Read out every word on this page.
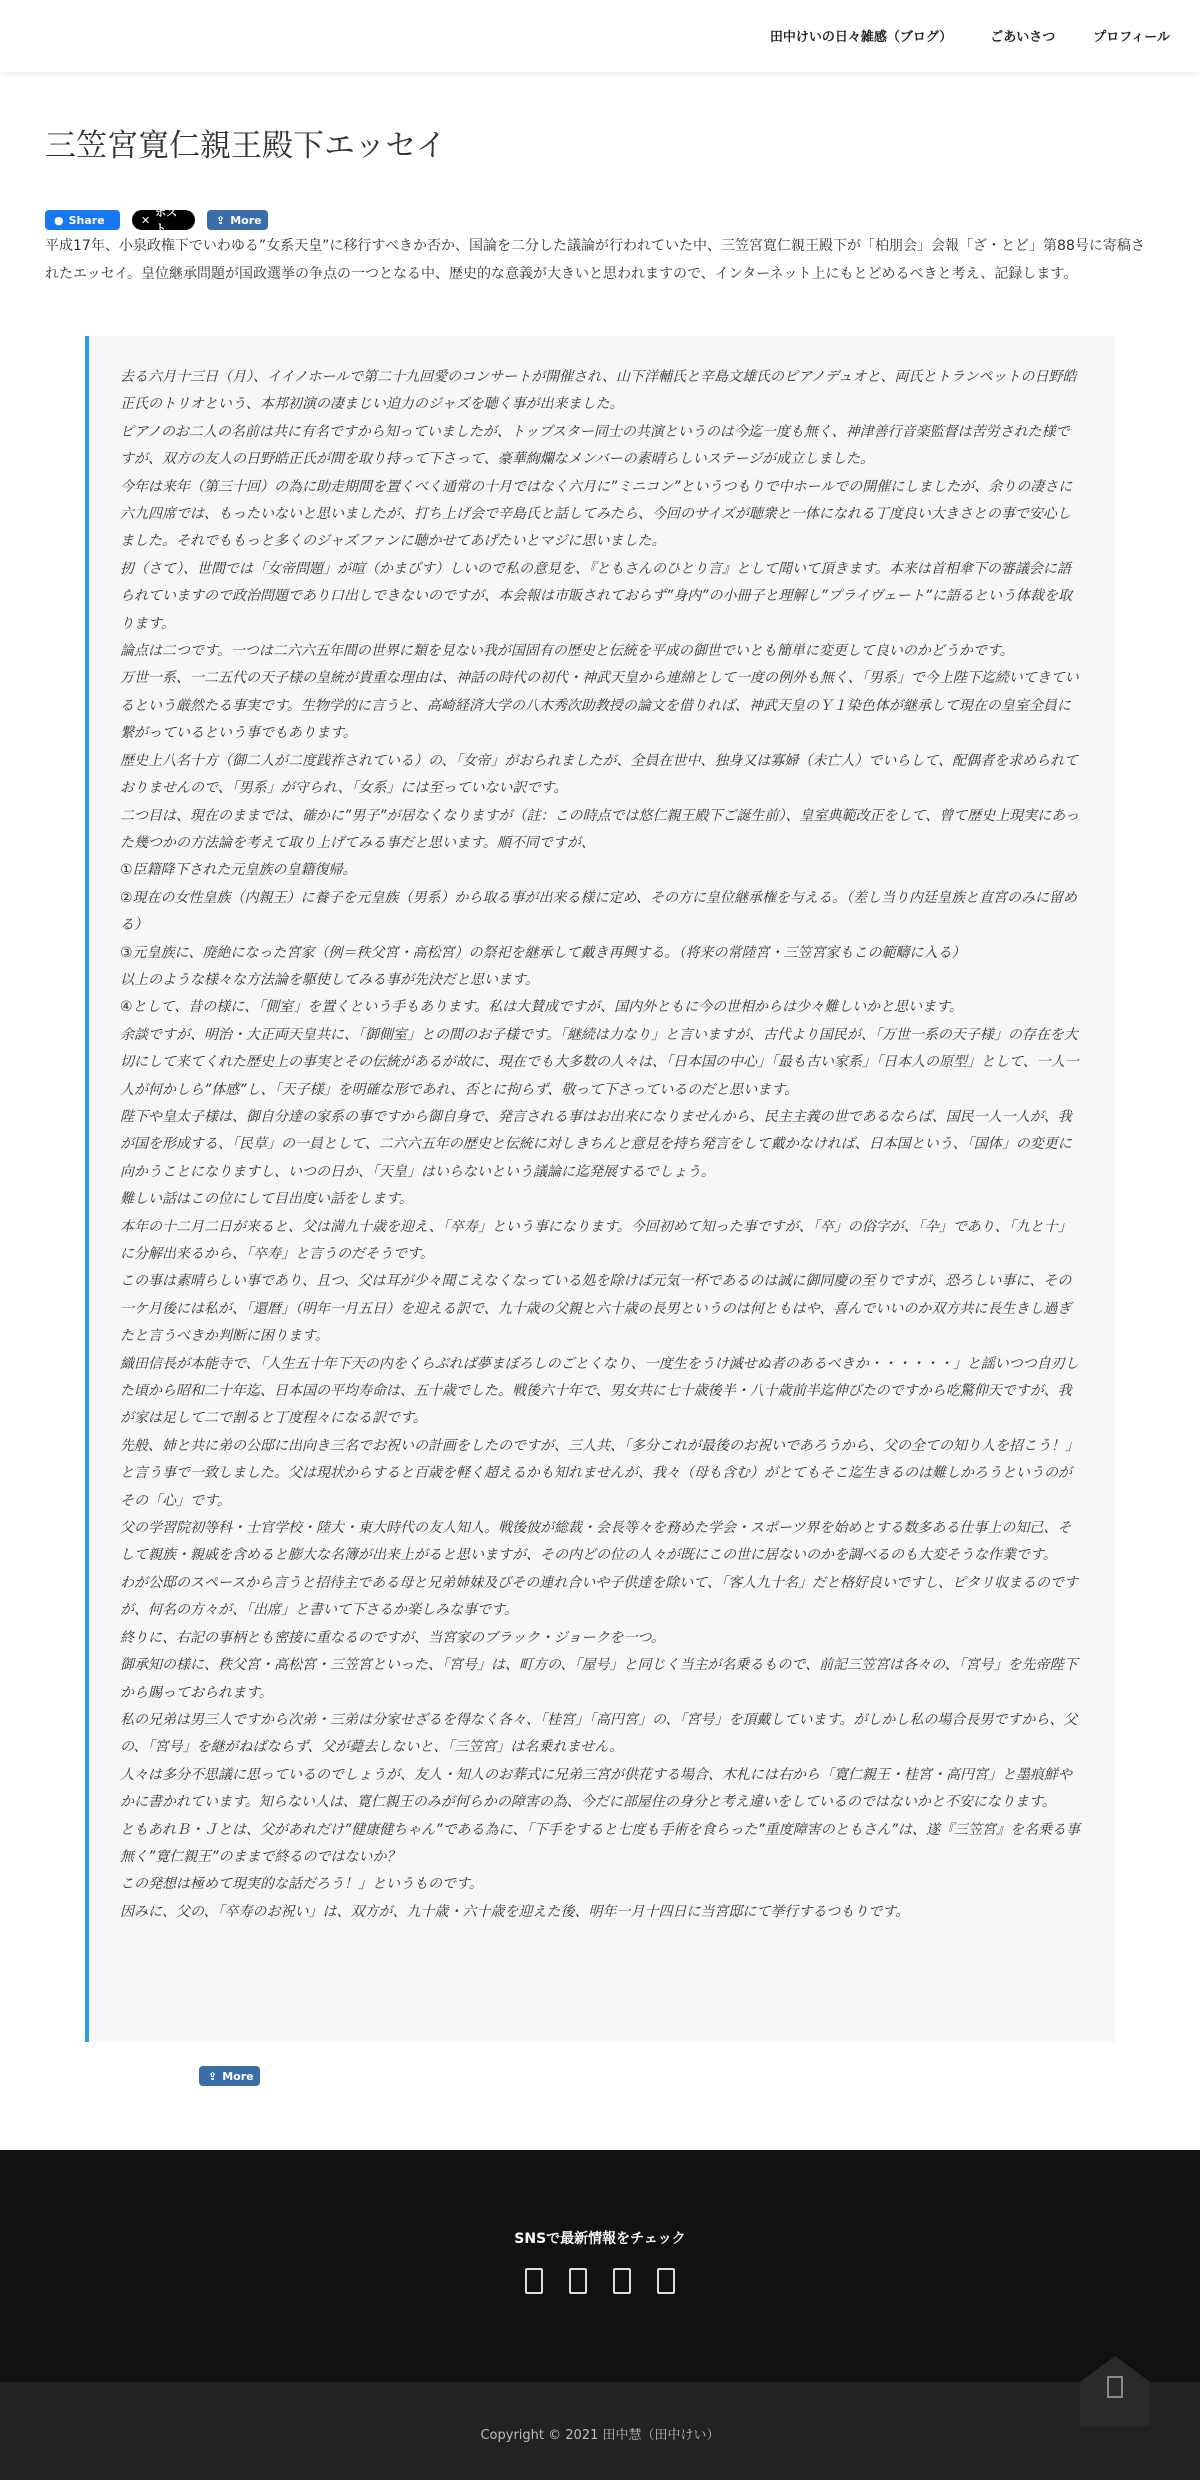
田中けいの日々雑感（ブログ）	ごあいさつ	プロフィール
三笠宮寛仁親王殿下エッセイ
● Share	✕
ポスト
⇪ More

平成17年、小泉政権下でいわゆる”女系天皇”に移行すべきか否か、国論を二分した議論が行われていた中、三笠宮寛仁親王殿下が「柏朋会」会報「ざ・とど」第88号に寄稿されたエッセイ。皇位継承問題が国政選挙の争点の一つとなる中、歴史的な意義が大きいと思われますので、インターネット上にもとどめるべきと考え、記録します。

去る六月十三日（月）、イイノホールで第二十九回愛のコンサートが開催され、山下洋輔氏と辛島文雄氏のピアノデュオと、両氏とトランペットの日野皓正氏のトリオという、本邦初演の凄まじい迫力のジャズを聴く事が出来ました。

ピアノのお二人の名前は共に有名ですから知っていましたが、トップスター同士の共演というのは今迄一度も無く、神津善行音楽監督は苦労された様ですが、双方の友人の日野皓正氏が間を取り持って下さって、豪華絢爛なメンバーの素晴らしいステージが成立しました。

今年は来年（第三十回）の為に助走期間を置くべく通常の十月ではなく六月に”ミニコン”というつもりで中ホールでの開催にしましたが、余りの凄さに六九四席では、もったいないと思いましたが、打ち上げ会で辛島氏と話してみたら、今回のサイズが聴衆と一体になれる丁度良い大きさとの事で安心しました。それでももっと多くのジャズファンに聴かせてあげたいとマジに思いました。

扨（さて）、世間では「女帝問題」が喧（かまびす）しいので私の意見を、『ともさんのひとり言』として聞いて頂きます。本来は首相傘下の審議会に語られていますので政治問題であり口出しできないのですが、本会報は市販されておらず”身内”の小冊子と理解し”プライヴェート”に語るという体裁を取ります。

論点は二つです。一つは二六六五年間の世界に類を見ない我が国固有の歴史と伝統を平成の御世でいとも簡単に変更して良いのかどうかです。

万世一系、一二五代の天子様の皇統が貴重な理由は、神話の時代の初代・神武天皇から連綿として一度の例外も無く、「男系」で今上陛下迄続いてきているという厳然たる事実です。生物学的に言うと、高崎経済大学の八木秀次助教授の論文を借りれば、神武天皇のＹ１染色体が継承して現在の皇室全員に繋がっているという事でもあります。

歴史上八名十方（御二人が二度践祚されている）の、「女帝」がおられましたが、全員在世中、独身又は寡婦（未亡人）でいらして、配偶者を求められておりませんので、「男系」が守られ、「女系」には至っていない訳です。

二つ目は、現在のままでは、確かに”男子”が居なくなりますが（註：この時点では悠仁親王殿下ご誕生前）、皇室典範改正をして、曾て歴史上現実にあった幾つかの方法論を考えて取り上げてみる事だと思います。順不同ですが、

①臣籍降下された元皇族の皇籍復帰。

②現在の女性皇族（内親王）に養子を元皇族（男系）から取る事が出来る様に定め、その方に皇位継承権を与える。（差し当り内廷皇族と直宮のみに留める）

③元皇族に、廃絶になった宮家（例＝秩父宮・高松宮）の祭祀を継承して戴き再興する。（将来の常陸宮・三笠宮家もこの範疇に入る）

以上のような様々な方法論を駆使してみる事が先決だと思います。

④として、昔の様に、「側室」を置くという手もあります。私は大賛成ですが、国内外ともに今の世相からは少々難しいかと思います。

余談ですが、明治・大正両天皇共に、「御側室」との間のお子様です。「継続は力なり」と言いますが、古代より国民が、「万世一系の天子様」の存在を大切にして来てくれた歴史上の事実とその伝統があるが故に、現在でも大多数の人々は、「日本国の中心」「最も古い家系」「日本人の原型」として、一人一人が何かしら”体感”し、「天子様」を明確な形であれ、否とに拘らず、敬って下さっているのだと思います。

陛下や皇太子様は、御自分達の家系の事ですから御自身で、発言される事はお出来になりませんから、民主主義の世であるならば、国民一人一人が、我が国を形成する、「民草」の一員として、二六六五年の歴史と伝統に対しきちんと意見を持ち発言をして戴かなければ、日本国という、「国体」の変更に向かうことになりますし、いつの日か、「天皇」はいらないという議論に迄発展するでしょう。

難しい話はこの位にして目出度い話をします。

本年の十二月二日が来ると、父は満九十歳を迎え、「卒寿」という事になります。今回初めて知った事ですが、「卒」の俗字が、「卆」であり、「九と十」に分解出来るから、「卒寿」と言うのだそうです。

この事は素晴らしい事であり、且つ、父は耳が少々聞こえなくなっている処を除けば元気一杯であるのは誠に御同慶の至りですが、恐ろしい事に、その一ケ月後には私が、「還暦」（明年一月五日）を迎える訳で、九十歳の父親と六十歳の長男というのは何ともはや、喜んでいいのか双方共に長生きし過ぎたと言うべきか判断に困ります。

織田信長が本能寺で、「人生五十年下天の内をくらぶれば夢まぼろしのごとくなり、一度生をうけ滅せぬ者のあるべきか・・・・・・」と謡いつつ自刃した頃から昭和二十年迄、日本国の平均寿命は、五十歳でした。戦後六十年で、男女共に七十歳後半・八十歳前半迄伸びたのですから吃驚仰天ですが、我が家は足して二で割ると丁度程々になる訳です。

先般、姉と共に弟の公邸に出向き三名でお祝いの計画をしたのですが、三人共、「多分これが最後のお祝いであろうから、父の全ての知り人を招こう！」と言う事で一致しました。父は現状からすると百歳を軽く超えるかも知れませんが、我々（母も含む）がとてもそこ迄生きるのは難しかろうというのがその「心」です。

父の学習院初等科・士官学校・陸大・東大時代の友人知人。戦後彼が総裁・会長等々を務めた学会・スポーツ界を始めとする数多ある仕事上の知己、そして親族・親戚を含めると膨大な名簿が出来上がると思いますが、その内どの位の人々が既にこの世に居ないのかを調べるのも大変そうな作業です。

わが公邸のスペースから言うと招待主である母と兄弟姉妹及びその連れ合いや子供達を除いて、「客人九十名」だと格好良いですし、ピタリ収まるのですが、何名の方々が、「出席」と書いて下さるか楽しみな事です。

終りに、右記の事柄とも密接に重なるのですが、当宮家のブラック・ジョークを一つ。

御承知の様に、秩父宮・高松宮・三笠宮といった、「宮号」は、町方の、「屋号」と同じく当主が名乗るもので、前記三笠宮は各々の、「宮号」を先帝陛下から賜っておられます。

私の兄弟は男三人ですから次弟・三弟は分家せざるを得なく各々、「桂宮」「高円宮」の、「宮号」を頂戴しています。がしかし私の場合長男ですから、父の、「宮号」を継がねばならず、父が薨去しないと、「三笠宮」は名乗れません。

人々は多分不思議に思っているのでしょうが、友人・知人のお葬式に兄弟三宮が供花する場合、木札には右から「寛仁親王・桂宮・高円宮」と墨痕鮮やかに書かれています。知らない人は、寛仁親王のみが何らかの障害の為、今だに部屋住の身分と考え違いをしているのではないかと不安になります。

ともあれＢ・Ｊとは、父があれだけ”健康健ちゃん”である為に、「下手をすると七度も手術を食らった”重度障害のともさん”は、遂『三笠宮』を名乗る事無く”寛仁親王”のままで終るのではないか？

この発想は極めて現実的な話だろう！」というものです。

因みに、父の、「卒寿のお祝い」は、双方が、九十歳・六十歳を迎えた後、明年一月十四日に当宮邸にて挙行するつもりです。

⇪ More
SNSで最新情報をチェック
Copyright © 2021 田中慧（田中けい）
